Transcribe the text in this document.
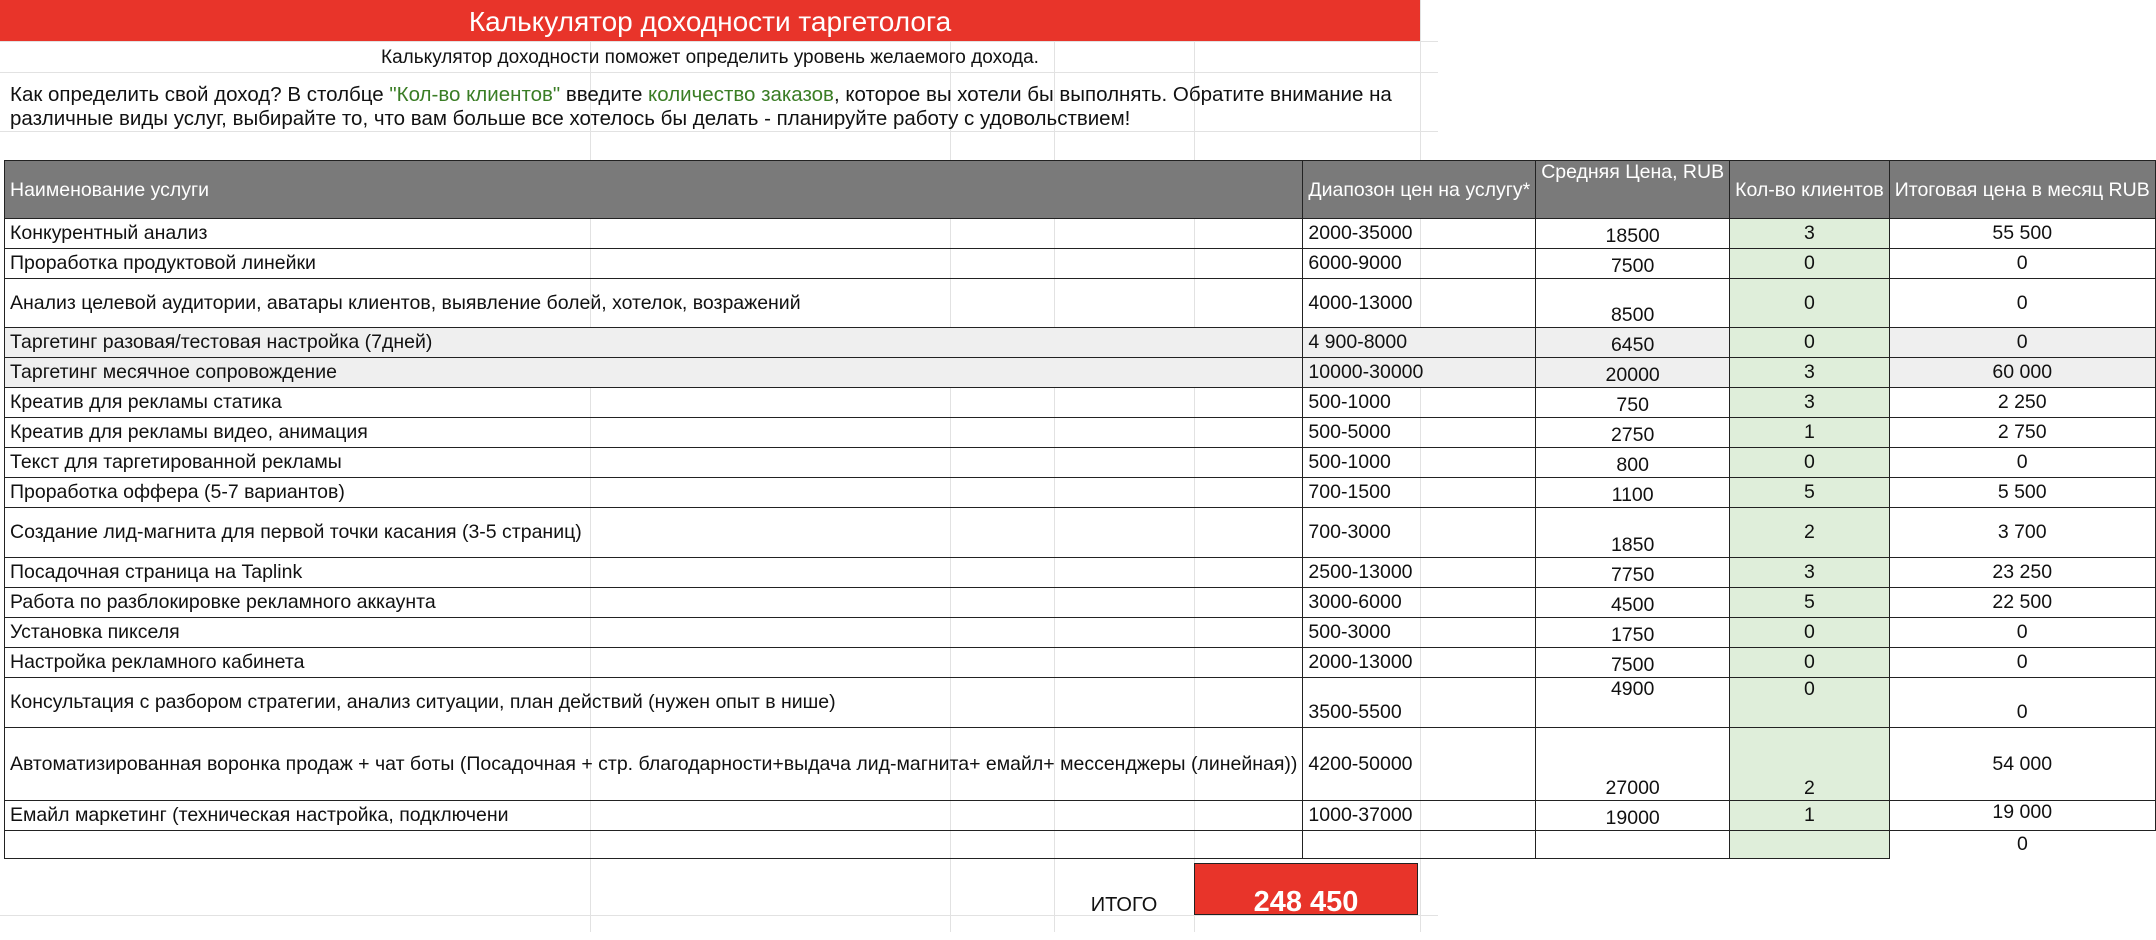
Калькулятор доходности таргетолога
Калькулятор доходности поможет определить уровень желаемого дохода.
Как определить свой доход? В столбце "Кол-во клиентов" введите количество заказов, которое вы хотели бы выполнять. Обратите внимание на различные виды услуг, выбирайте то, что вам больше все хотелось бы делать - планируйте работу с удовольствием!
Наименование услуги	Диапозон цен на услугу*	Средняя Цена, RUB	Кол-во клиентов	Итоговая цена в месяц RUB
Конкурентный анализ	2000-35000	18500	3	55 500
Проработка продуктовой линейки	6000-9000	7500	0	0
Анализ целевой аудитории, аватары клиентов, выявление болей, хотелок, возражений	4000-13000	8500	0	0
Таргетинг разовая/тестовая настройка (7дней)	4 900-8000	6450	0	0
Таргетинг месячное сопровождение	10000-30000	20000	3	60 000
Креатив для рекламы статика	500-1000	750	3	2 250
Креатив для рекламы видео, анимация	500-5000	2750	1	2 750
Текст для таргетированной рекламы	500-1000	800	0	0
Проработка оффера (5-7 вариантов)	700-1500	1100	5	5 500
Создание лид-магнита для первой точки касания (3-5 страниц)	700-3000	1850	2	3 700
Посадочная страница на Taplink	2500-13000	7750	3	23 250
Работа по разблокировке рекламного аккаунта	3000-6000	4500	5	22 500
Установка пикселя	500-3000	1750	0	0
Настройка рекламного кабинета	2000-13000	7500	0	0
Консультация с разбором стратегии, анализ ситуации, план действий (нужен опыт в нише)	3500-5500	4900	0	0
Автоматизированная воронка продаж + чат боты (Посадочная + стр. благодарности+выдача лид-магнита+ емайл+ мессенджеры (линейная))	4200-50000	27000	2	54 000
Емайл маркетинг (техническая настройка, подключени	1000-37000	19000	1	19 000
				0
ИТОГО	248 450
